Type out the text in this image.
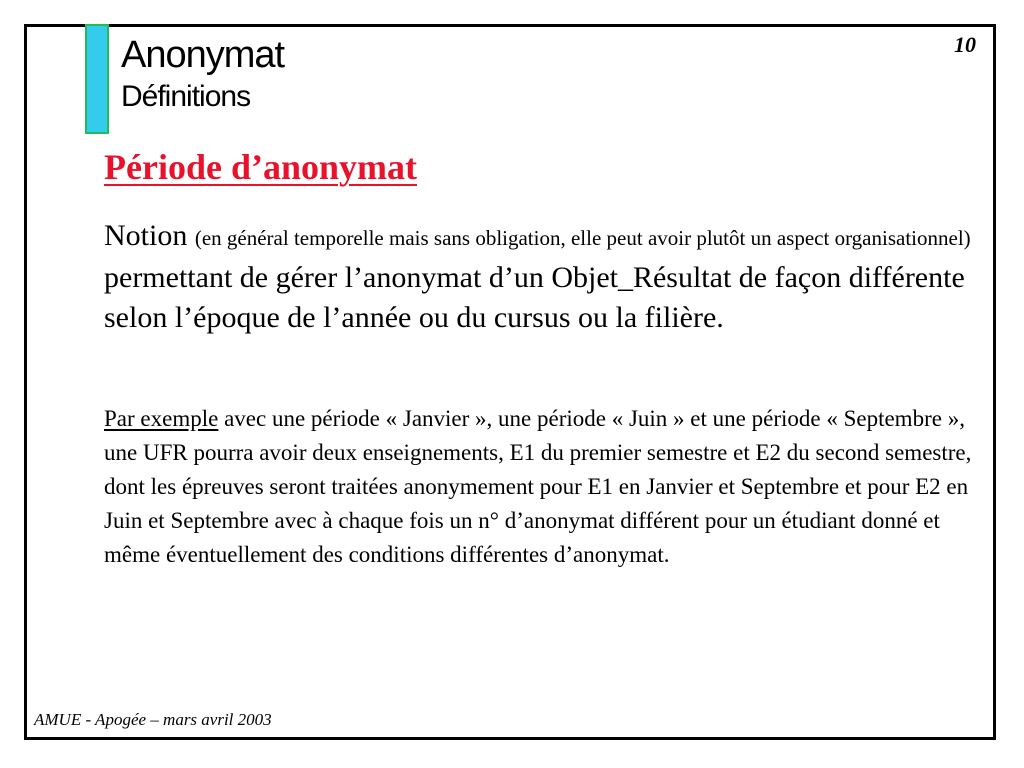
Anonymat
Définitions
10
Période d’anonymat
Notion (en général temporelle mais sans obligation, elle peut avoir plutôt un aspect organisationnel) permettant de gérer l’anonymat d’un Objet_Résultat de façon différente selon l’époque de l’année ou du cursus ou la filière.
Par exemple avec une période « Janvier », une période « Juin » et une période « Septembre », une UFR pourra avoir deux enseignements, E1 du premier semestre et E2 du second semestre, dont les épreuves seront traitées anonymement pour E1 en Janvier et Septembre et pour E2 en Juin et Septembre avec à chaque fois un n° d’anonymat différent pour un étudiant donné et même éventuellement des conditions différentes d’anonymat.
AMUE - Apogée – mars avril 2003
